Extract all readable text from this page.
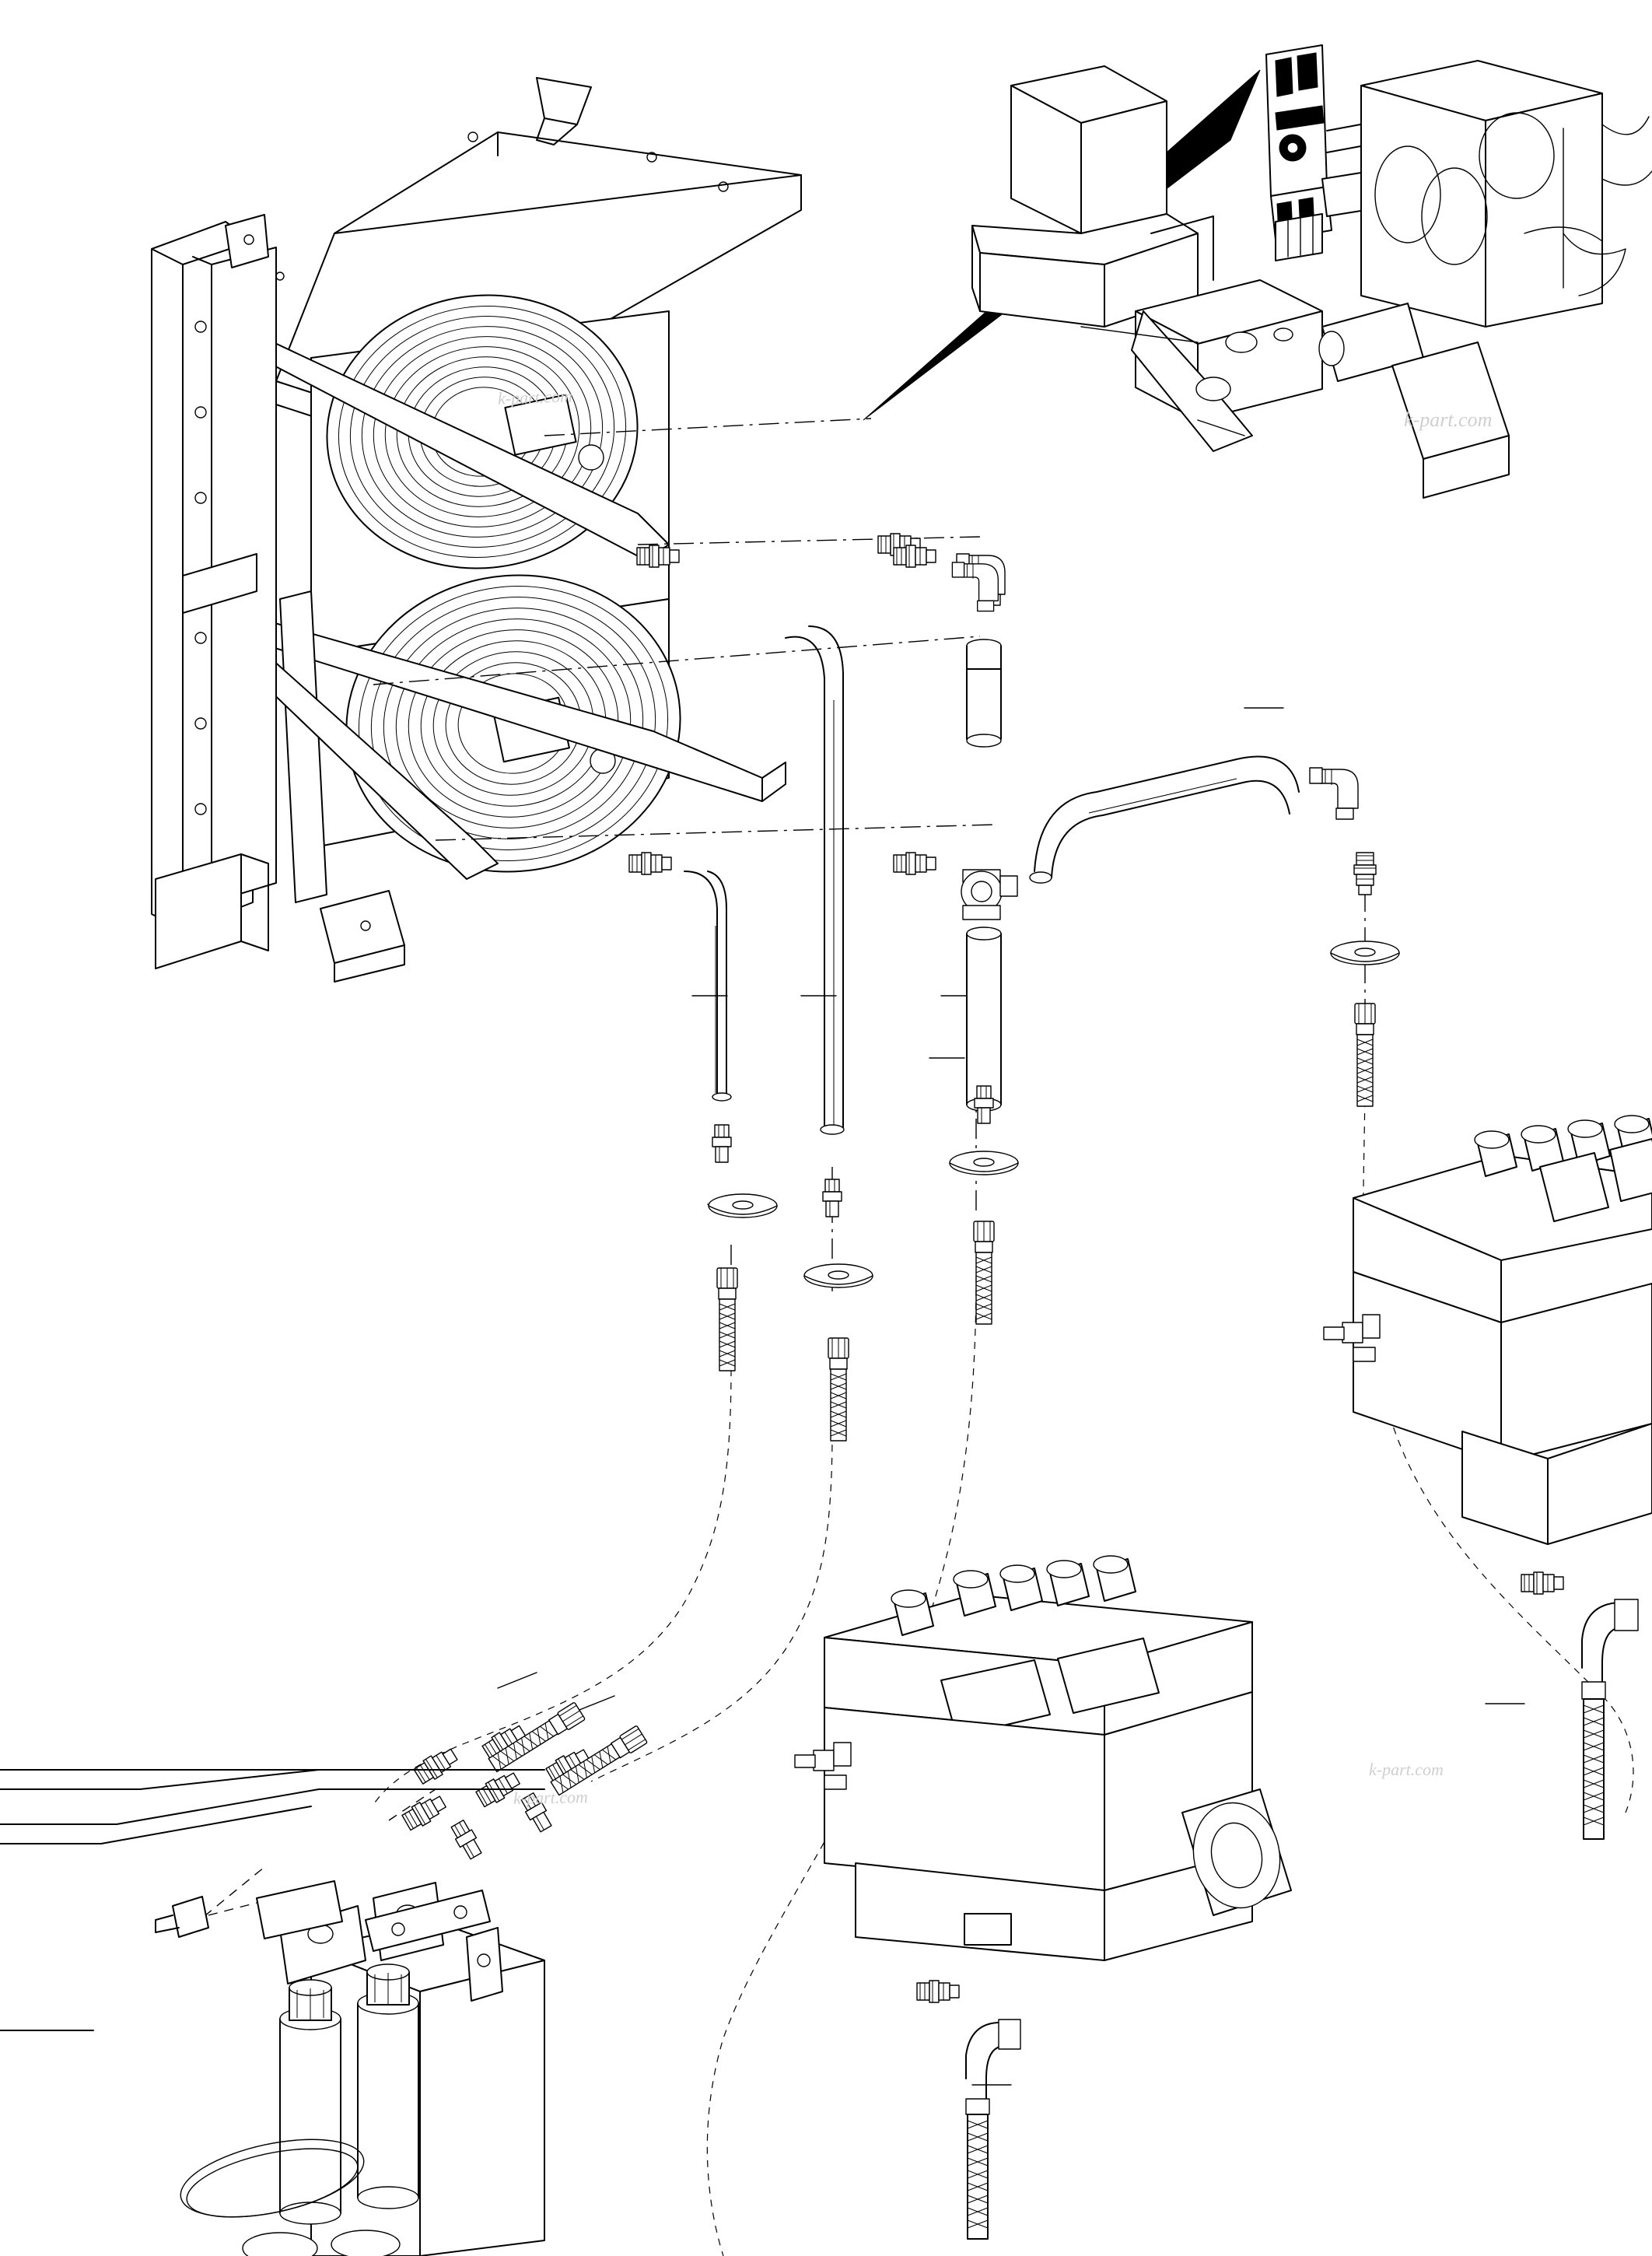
k-part.com
k-part.com
k-part.com
k-part.com
